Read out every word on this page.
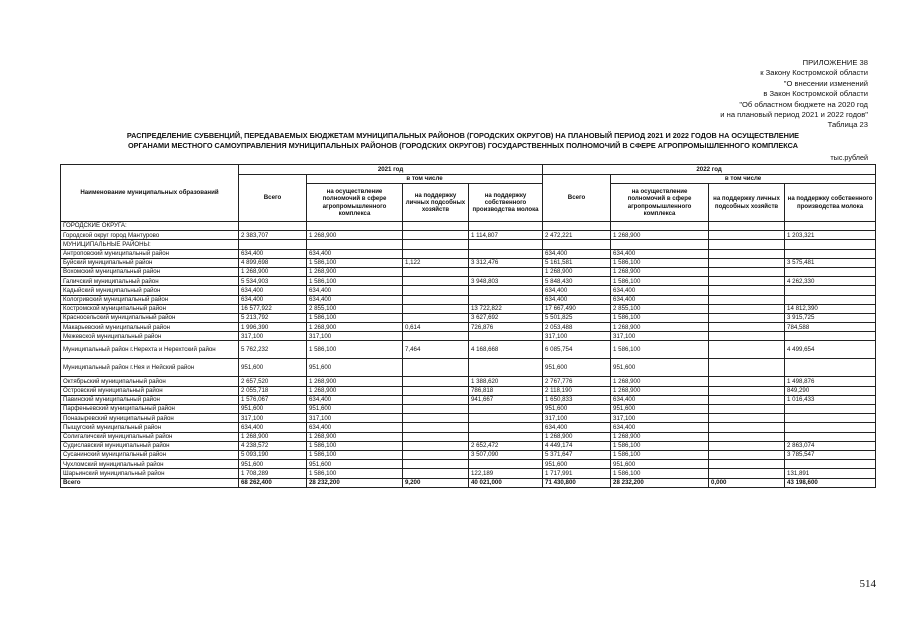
ПРИЛОЖЕНИЕ 38
к Закону Костромской области
"О внесении изменений
в Закон Костромской области
"Об областном бюджете на 2020 год
и на плановый период 2021 и 2022 годов"
Таблица 23
РАСПРЕДЕЛЕНИЕ СУБВЕНЦИЙ, ПЕРЕДАВАЕМЫХ БЮДЖЕТАМ МУНИЦИПАЛЬНЫХ РАЙОНОВ (ГОРОДСКИХ ОКРУГОВ) НА ПЛАНОВЫЙ ПЕРИОД 2021 И 2022 ГОДОВ НА ОСУЩЕСТВЛЕНИЕ
ОРГАНАМИ МЕСТНОГО САМОУПРАВЛЕНИЯ МУНИЦИПАЛЬНЫХ РАЙОНОВ (ГОРОДСКИХ ОКРУГОВ) ГОСУДАРСТВЕННЫХ ПОЛНОМОЧИЙ В СФЕРЕ АГРОПРОМЫШЛЕННОГО КОМПЛЕКСА
тыс.рублей
Наименование муниципальных образований	2021 год				2022 год			
	Всего	в том числе			Всего	в том числе		
		на осуществление полномочий в сфере агропромышленного комплекса	на поддержку личных подсобных хозяйств	на поддержку собственного производства молока		на осуществление полномочий в сфере агропромышленного комплекса	на поддержку личных подсобных хозяйств	на поддержку собственного производства молока
ГОРОДСКИЕ ОКРУГА:								
Городской округ город Мантурово	2 383,707	1 268,900		1 114,807	2 472,221	1 268,900		1 203,321
МУНИЦИПАЛЬНЫЕ РАЙОНЫ:								
Антроповский муниципальный район	634,400	634,400			634,400	634,400		
Буйский муниципальный район	4 899,698	1 586,100	1,122	3 312,476	5 161,581	1 586,100		3 575,481
Вохомский муниципальный район	1 268,900	1 268,900			1 268,900	1 268,900		
Галичский муниципальный район	5 534,903	1 586,100		3 948,803	5 848,430	1 586,100		4 262,330
Кадыйский муниципальный район	634,400	634,400			634,400	634,400		
Кологривский муниципальный район	634,400	634,400			634,400	634,400		
Костромской муниципальный район	16 577,922	2 855,100		13 722,822	17 667,490	2 855,100		14 812,390
Красносельский муниципальный район	5 213,792	1 586,100		3 627,692	5 501,825	1 586,100		3 915,725
Макарьевский муниципальный район	1 996,390	1 268,900	0,614	726,876	2 053,488	1 268,900		784,588
Межевской муниципальный район	317,100	317,100			317,100	317,100		
Муниципальный район г.Нерехта и Нерехтский район	5 762,232	1 586,100	7,464	4 168,668	6 085,754	1 586,100		4 499,654
Муниципальный район г.Нея и Нейский район	951,600	951,600			951,600	951,600		
Октябрьский муниципальный район	2 657,520	1 268,900		1 388,620	2 767,776	1 268,900		1 498,876
Островский муниципальный район	2 055,718	1 268,900		786,818	2 118,190	1 268,900		849,290
Павинский муниципальный район	1 576,067	634,400		941,667	1 650,833	634,400		1 016,433
Парфеньевский муниципальный район	951,600	951,600			951,600	951,600		
Поназыревский муниципальный район	317,100	317,100			317,100	317,100		
Пыщугский муниципальный район	634,400	634,400			634,400	634,400		
Солигаличский муниципальный район	1 268,900	1 268,900			1 268,900	1 268,900		
Судиславский муниципальный район	4 238,572	1 586,100		2 652,472	4 449,174	1 586,100		2 863,074
Сусанинский муниципальный район	5 093,190	1 586,100		3 507,090	5 371,647	1 586,100		3 785,547
Чухломский муниципальный район	951,600	951,600			951,600	951,600		
Шарьинский муниципальный район	1 708,289	1 586,100		122,189	1 717,991	1 586,100		131,891
Всего	68 262,400	28 232,200	9,200	40 021,000	71 430,800	28 232,200	0,000	43 198,600
514
